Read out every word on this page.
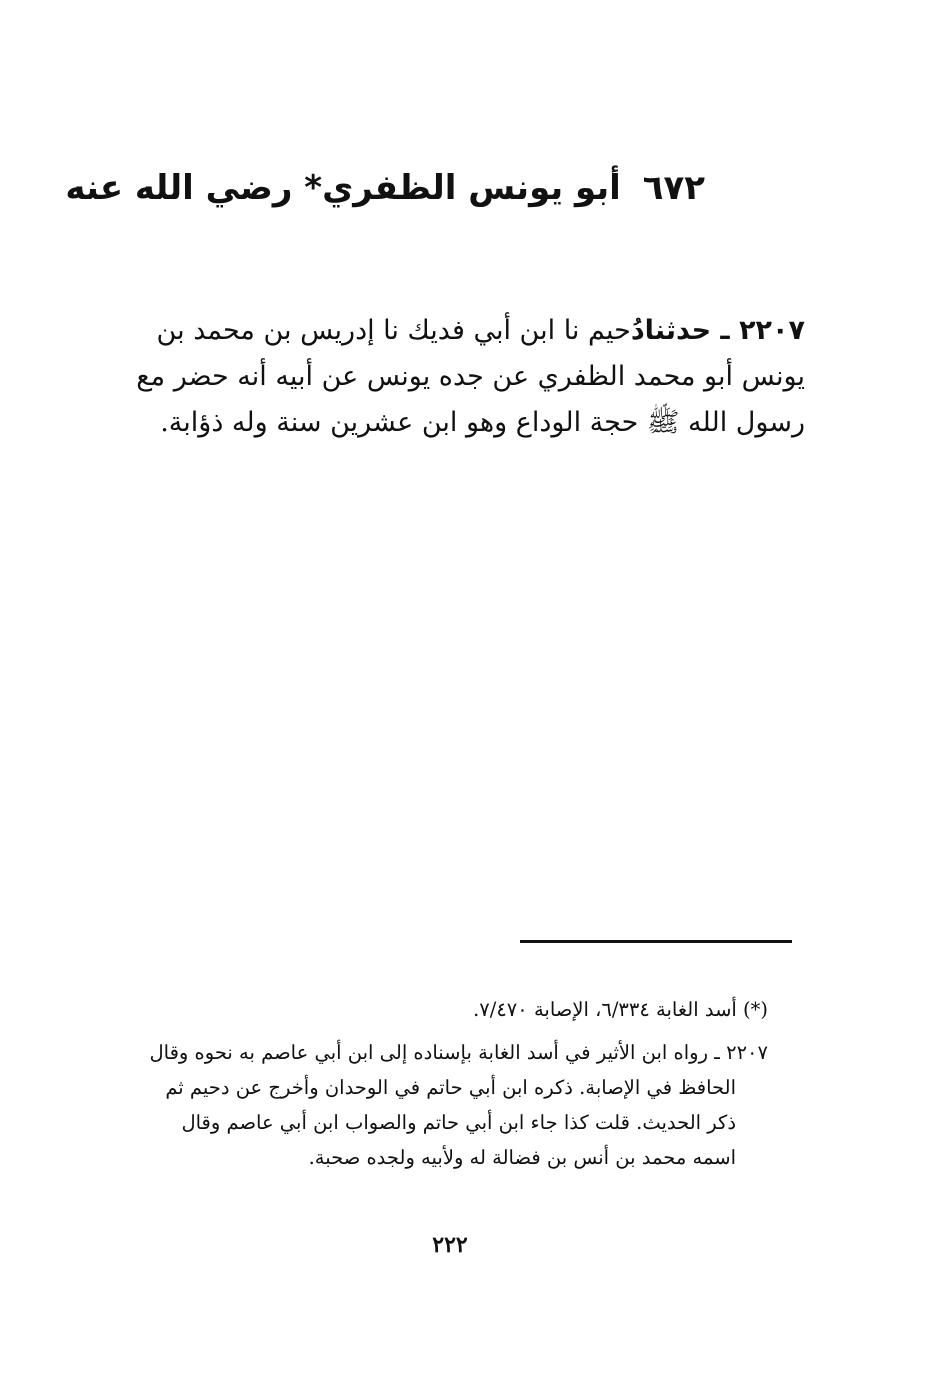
٦٧٢أبو يونس الظفري* رضي الله عنه
٢٢٠٧ ـ حدثنادُحيم نا ابن أبي فديك نا إدريس بن محمد بن
يونس أبو محمد الظفري عن جده يونس عن أبيه أنه حضر مع
رسول الله ﷺ حجة الوداع وهو ابن عشرين سنة وله ذؤابة.
(*) أسد الغابة ٦/٣٣٤، الإصابة ٧/٤٧٠.
٢٢٠٧ ـ رواه ابن الأثير في أسد الغابة بإسناده إلى ابن أبي عاصم به نحوه وقال
الحافظ في الإصابة. ذكره ابن أبي حاتم في الوحدان وأخرج عن دحيم ثم
ذكر الحديث. قلت كذا جاء ابن أبي حاتم والصواب ابن أبي عاصم وقال
اسمه محمد بن أنس بن فضالة له ولأبيه ولجده صحبة.
٢٢٢
